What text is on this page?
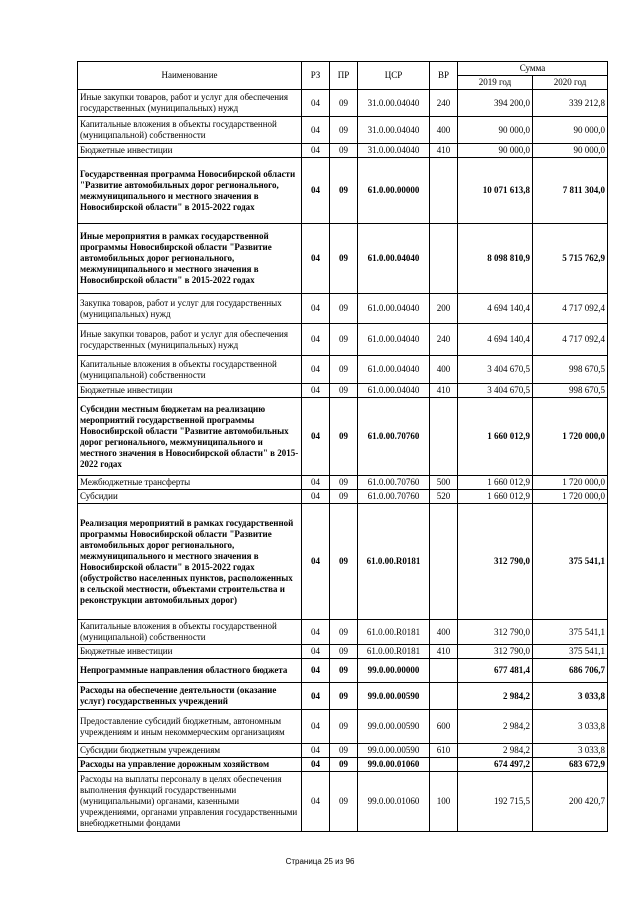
Наименование	РЗ	ПР	ЦСР	ВР	Сумма	
					2019 год	2020 год
Иные закупки товаров, работ и услуг для обеспечения государственных (муниципальных) нужд	04	09	31.0.00.04040	240	394 200,0	339 212,8
Капитальные вложения в объекты государственной (муниципальной) собственности	04	09	31.0.00.04040	400	90 000,0	90 000,0
Бюджетные инвестиции	04	09	31.0.00.04040	410	90 000,0	90 000,0
Государственная программа Новосибирской области "Развитие автомобильных дорог регионального, межмуниципального и местного значения в Новосибирской области" в 2015-2022 годах	04	09	61.0.00.00000		10 071 613,8	7 811 304,0
Иные мероприятия в рамках государственной программы Новосибирской области "Развитие автомобильных дорог регионального, межмуниципального и местного значения в Новосибирской области" в 2015-2022 годах	04	09	61.0.00.04040		8 098 810,9	5 715 762,9
Закупка товаров, работ и услуг для государственных (муниципальных) нужд	04	09	61.0.00.04040	200	4 694 140,4	4 717 092,4
Иные закупки товаров, работ и услуг для обеспечения государственных (муниципальных) нужд	04	09	61.0.00.04040	240	4 694 140,4	4 717 092,4
Капитальные вложения в объекты государственной (муниципальной) собственности	04	09	61.0.00.04040	400	3 404 670,5	998 670,5
Бюджетные инвестиции	04	09	61.0.00.04040	410	3 404 670,5	998 670,5
Субсидии местным бюджетам на реализацию мероприятий государственной программы Новосибирской области "Развитие автомобильных дорог регионального, межмуниципального и местного значения в Новосибирской области" в 2015-2022 годах	04	09	61.0.00.70760		1 660 012,9	1 720 000,0
Межбюджетные трансферты	04	09	61.0.00.70760	500	1 660 012,9	1 720 000,0
Субсидии	04	09	61.0.00.70760	520	1 660 012,9	1 720 000,0
Реализация мероприятий в рамках государственной программы Новосибирской области "Развитие автомобильных дорог регионального, межмуниципального и местного значения в Новосибирской области" в 2015-2022 годах (обустройство населенных пунктов, расположенных в сельской местности, объектами строительства и реконструкции автомобильных дорог)	04	09	61.0.00.R0181		312 790,0	375 541,1
Капитальные вложения в объекты государственной (муниципальной) собственности	04	09	61.0.00.R0181	400	312 790,0	375 541,1
Бюджетные инвестиции	04	09	61.0.00.R0181	410	312 790,0	375 541,1
Непрограммные направления областного бюджета	04	09	99.0.00.00000		677 481,4	686 706,7
Расходы на обеспечение деятельности (оказание услуг) государственных учреждений	04	09	99.0.00.00590		2 984,2	3 033,8
Предоставление субсидий бюджетным, автономным учреждениям и иным некоммерческим организациям	04	09	99.0.00.00590	600	2 984,2	3 033,8
Субсидии бюджетным учреждениям	04	09	99.0.00.00590	610	2 984,2	3 033,8
Расходы на управление дорожным хозяйством	04	09	99.0.00.01060		674 497,2	683 672,9
Расходы на выплаты персоналу в целях обеспечения выполнения функций государственными (муниципальными) органами, казенными учреждениями, органами управления государственными внебюджетными фондами	04	09	99.0.00.01060	100	192 715,5	200 420,7
Страница 25 из 96
